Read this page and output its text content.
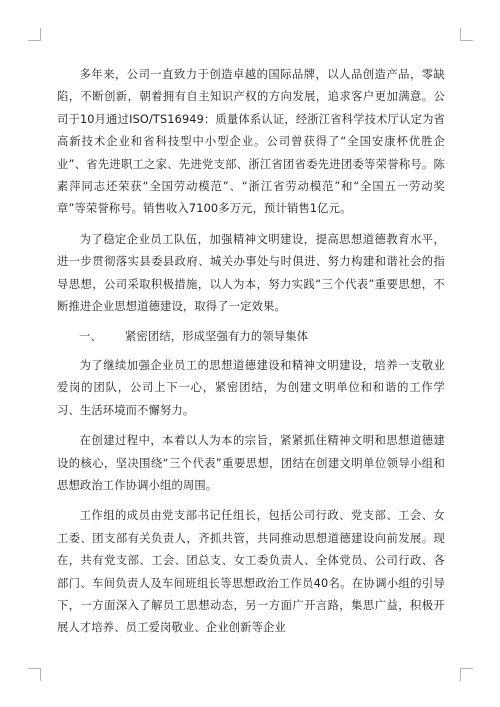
多年来，公司一直致力于创造卓越的国际品牌，以人品创造产品，零缺陷，不断创新，朝着拥有自主知识产权的方向发展，追求客户更加满意。公司于10月通过ISO/TS16949：质量体系认证，经浙江省科学技术厅认定为省高新技术企业和省科技型中小型企业。公司曾获得了“全国安康杯优胜企业”、省先进职工之家、先进党支部、浙江省团省委先进团委等荣誉称号。陈素萍同志还荣获“全国劳动模范”、“浙江省劳动模范”和“全国五一劳动奖章”等荣誉称号。销售收入7100多万元，预计销售1亿元。

为了稳定企业员工队伍，加强精神文明建设，提高思想道德教育水平，进一步贯彻落实县委县政府、城关办事处与时俱进、努力构建和谐社会的指导思想，公司采取积极措施，以人为本，努力实践“三个代表”重要思想，不断推进企业思想道德建设，取得了一定效果。

一、 紧密团结，形成坚强有力的领导集体

为了继续加强企业员工的思想道德建设和精神文明建设，培养一支敬业爱岗的团队，公司上下一心，紧密团结，为创建文明单位和和谐的工作学习、生活环境而不懈努力。

在创建过程中，本着以人为本的宗旨，紧紧抓住精神文明和思想道德建设的核心，坚决围绕“三个代表”重要思想，团结在创建文明单位领导小组和思想政治工作协调小组的周围。

工作组的成员由党支部书记任组长，包括公司行政、党支部、工会、女工委、团支部有关负责人，齐抓共管，共同推动思想道德建设向前发展。现在，共有党支部、工会、团总支、女工委负责人、全体党员、公司行政、各部门、车间负责人及车间班组长等思想政治工作员40名。在协调小组的引导下，一方面深入了解员工思想动态，另一方面广开言路，集思广益，积极开展人才培养、员工爱岗敬业、企业创新等企业
